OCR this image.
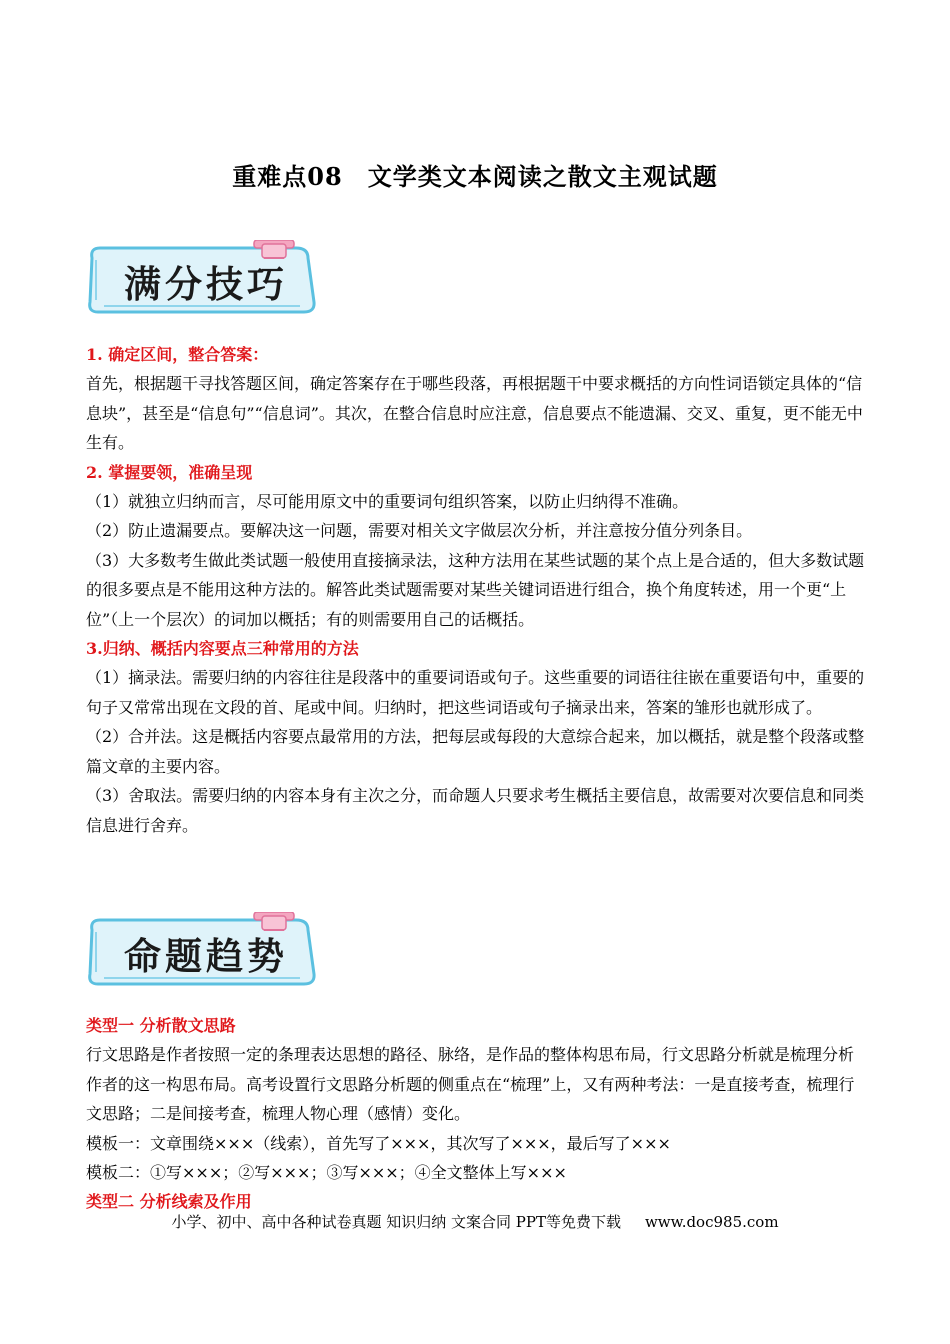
重难点08　文学类文本阅读之散文主观试题
满分技巧

1. 确定区间，整合答案：

首先，根据题干寻找答题区间，确定答案存在于哪些段落，再根据题干中要求概括的方向性词语锁定具体的“信息块”，甚至是“信息句”“信息词”。其次，在整合信息时应注意，信息要点不能遗漏、交叉、重复，更不能无中生有。

2. 掌握要领，准确呈现

（1）就独立归纳而言，尽可能用原文中的重要词句组织答案，以防止归纳得不准确。

（2）防止遗漏要点。要解决这一问题，需要对相关文字做层次分析，并注意按分值分列条目。

（3）大多数考生做此类试题一般使用直接摘录法，这种方法用在某些试题的某个点上是合适的，但大多数试题的很多要点是不能用这种方法的。解答此类试题需要对某些关键词语进行组合，换个角度转述，用一个更“上位”（上一个层次）的词加以概括；有的则需要用自己的话概括。

3.归纳、概括内容要点三种常用的方法

（1）摘录法。需要归纳的内容往往是段落中的重要词语或句子。这些重要的词语往往嵌在重要语句中，重要的句子又常常出现在文段的首、尾或中间。归纳时，把这些词语或句子摘录出来，答案的雏形也就形成了。

（2）合并法。这是概括内容要点最常用的方法，把每层或每段的大意综合起来，加以概括，就是整个段落或整篇文章的主要内容。

（3）舍取法。需要归纳的内容本身有主次之分，而命题人只要求考生概括主要信息，故需要对次要信息和同类信息进行舍弃。

命题趋势

类型一 分析散文思路

行文思路是作者按照一定的条理表达思想的路径、脉络，是作品的整体构思布局，行文思路分析就是梳理分析作者的这一构思布局。高考设置行文思路分析题的侧重点在“梳理”上，又有两种考法：一是直接考查，梳理行文思路；二是间接考查，梳理人物心理（感情）变化。

模板一：文章围绕×××（线索），首先写了×××，其次写了×××，最后写了×××

模板二：①写×××；②写×××；③写×××；④全文整体上写×××

类型二 分析线索及作用

小学、初中、高中各种试卷真题 知识归纳 文案合同 PPT等免费下载 www.doc985.com
